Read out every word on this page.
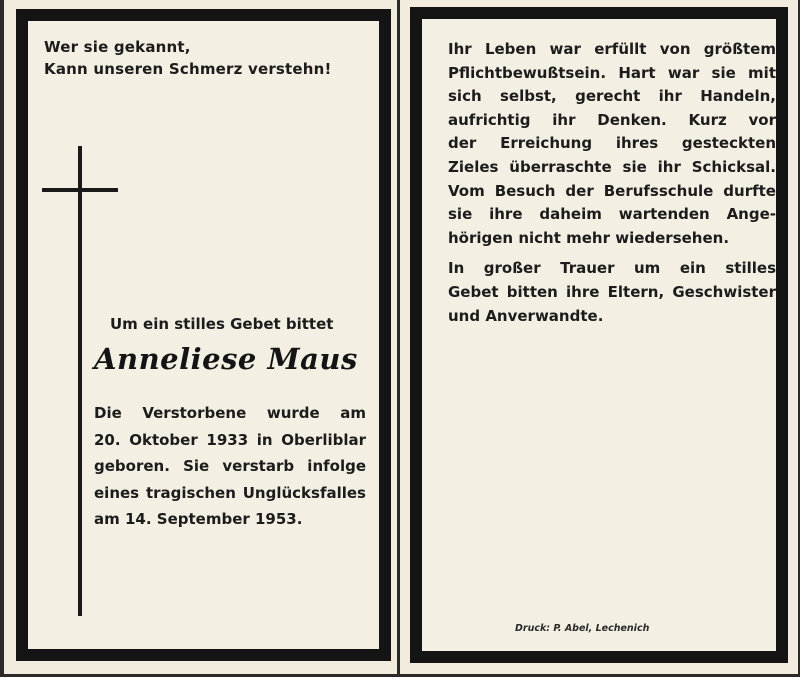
Wer sie gekannt,
Kann unseren Schmerz verstehn!
Um ein stilles Gebet bittet
Anneliese Maus
Die Verstorbene wurde am
20. Oktober 1933 in Oberliblar
geboren. Sie verstarb infolge
eines tragischen Unglücksfalles
am 14. September 1953.
Ihr Leben war erfüllt von größtem
Pflichtbewußtsein. Hart war sie mit
sich selbst, gerecht ihr Handeln,
aufrichtig ihr Denken. Kurz vor
der Erreichung ihres gesteckten
Zieles überraschte sie ihr Schicksal.
Vom Besuch der Berufsschule durfte
sie ihre daheim wartenden Ange-
hörigen nicht mehr wiedersehen.
In großer Trauer um ein stilles
Gebet bitten ihre Eltern, Geschwister
und Anverwandte.
Druck: P. Abel, Lechenich
